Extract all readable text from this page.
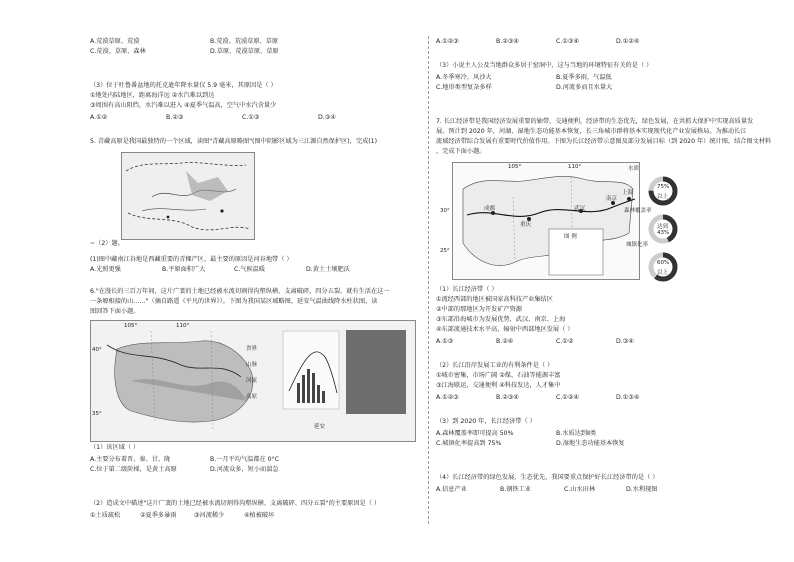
A.荒漠草原、荒漠	B.荒漠、荒漠草原、草原
C.荒漠、草原、森林	D.草原、荒漠草原、草原
（3）位于吐鲁番盆地的托克逊年降水量仅 5.9 毫米，其原因是（ ）
①地处内陆地区，距离海洋远 ②水汽难以到达
③周围有高山阻挡，水汽难以进入 ④夏季气温高，空气中水汽含量少
A.①②	B.②③	C.①③	D.③④
5. 青藏高原是我国最独特的一个区域，读图"青藏高原略图"(图中阴影区域为三江源自然保护区)，完成(1)
~（2）题。
(1)图中藏南江谷地是西藏重要的青稞产区，最主要的原因是河谷地带（ ）
A.光照更强	B.平原面积广大	C.气候温暖	D.黄土土壤肥沃
6."在漫长的三百万年间，这片广袤的土地已经被水流切割得沟壑纵横、支离破碎，四分五裂。就有生活在这一
一条塬相接的山……"（摘自路遥《平凡的世界》）。下图为我国某区域略图，延安气温曲线降水柱状图，读
图回答下面小题。
105°	110°
40°
35°
省界
山脉
河流
高原
延安
（1）该区域（ ）
A.主要分布着晋、秦、甘、陇	B.一月平均气温都在 0°C
C.位于第二级阶梯，是黄土高原	D.河流众多，短小而湍急
（2）造成文中描述"这片广袤的土地已经被水流切割得沟壑纵横、支离破碎、四分五裂"的主要原因是（ ）
①土质疏松	②夏季多暴雨	③河流稀少	④植被破坏
A.①②③	B.②③④	C.①③④	D.①②④
（3）小说主人公及当地群众多居于窑洞中，这与当地的环境特征有关的是（ ）
A.冬季寒冷，风沙大	B.夏季多雨，气温低
C.地形类型复杂多样	D.河流多而且水量大
7. 长江经济带是我国经济发展重要的轴带，交通便利，经济带的生态优先，绿色发展，在共抓大保护中实现高质量发
展。预计到 2020 年，河湖、湿地生态功能基本恢复，长三角城市群将基本实现现代化产业发展格局。为推动长江
流域经济带综合发展有重要时代价值作用。下图为长江经济带示意图及部分发展目标（到 2020 年）统计图。结合图文材料
，完成下面小题。
成都
重庆
武汉
南京
上海
105°	110°
30°
25°
图 例
水质
75%
以上
森林覆盖率
达到
43%
城镇化率
60%
以上
（1）长江经济带（ ）
①流经西部的地区被国家高科技产业集结区
②中部的那地区为开发矿产资源
③东部沿海城市为发展优势，武汉、南京、上海
④东部流通技术水平高，辐射中西部地区发展（ ）
A.①③	B.②④	C.①②	D.③④
（2）长江沿岸发展工业的有利条件是（ ）
①城市密集，市场广阔 ②煤、石油等能源丰富
③江海联运，交通便利 ④科技发达，人才集中
A.①②③	B.②③④	C.①②④	D.①③④
（3）到 2020 年，长江经济带（ ）
A.森林覆盖率即可提高 50%	B.水质达到Ⅱ类
C.城镇化率提高到 75%	D.湿地生态功能基本恢复
（4）长江经济带的绿色发展、生态优先，我国要重点保护好长江经济带的是（ ）
A.信息产业	B.钢铁工业	C.山水田林	D.水利现图
